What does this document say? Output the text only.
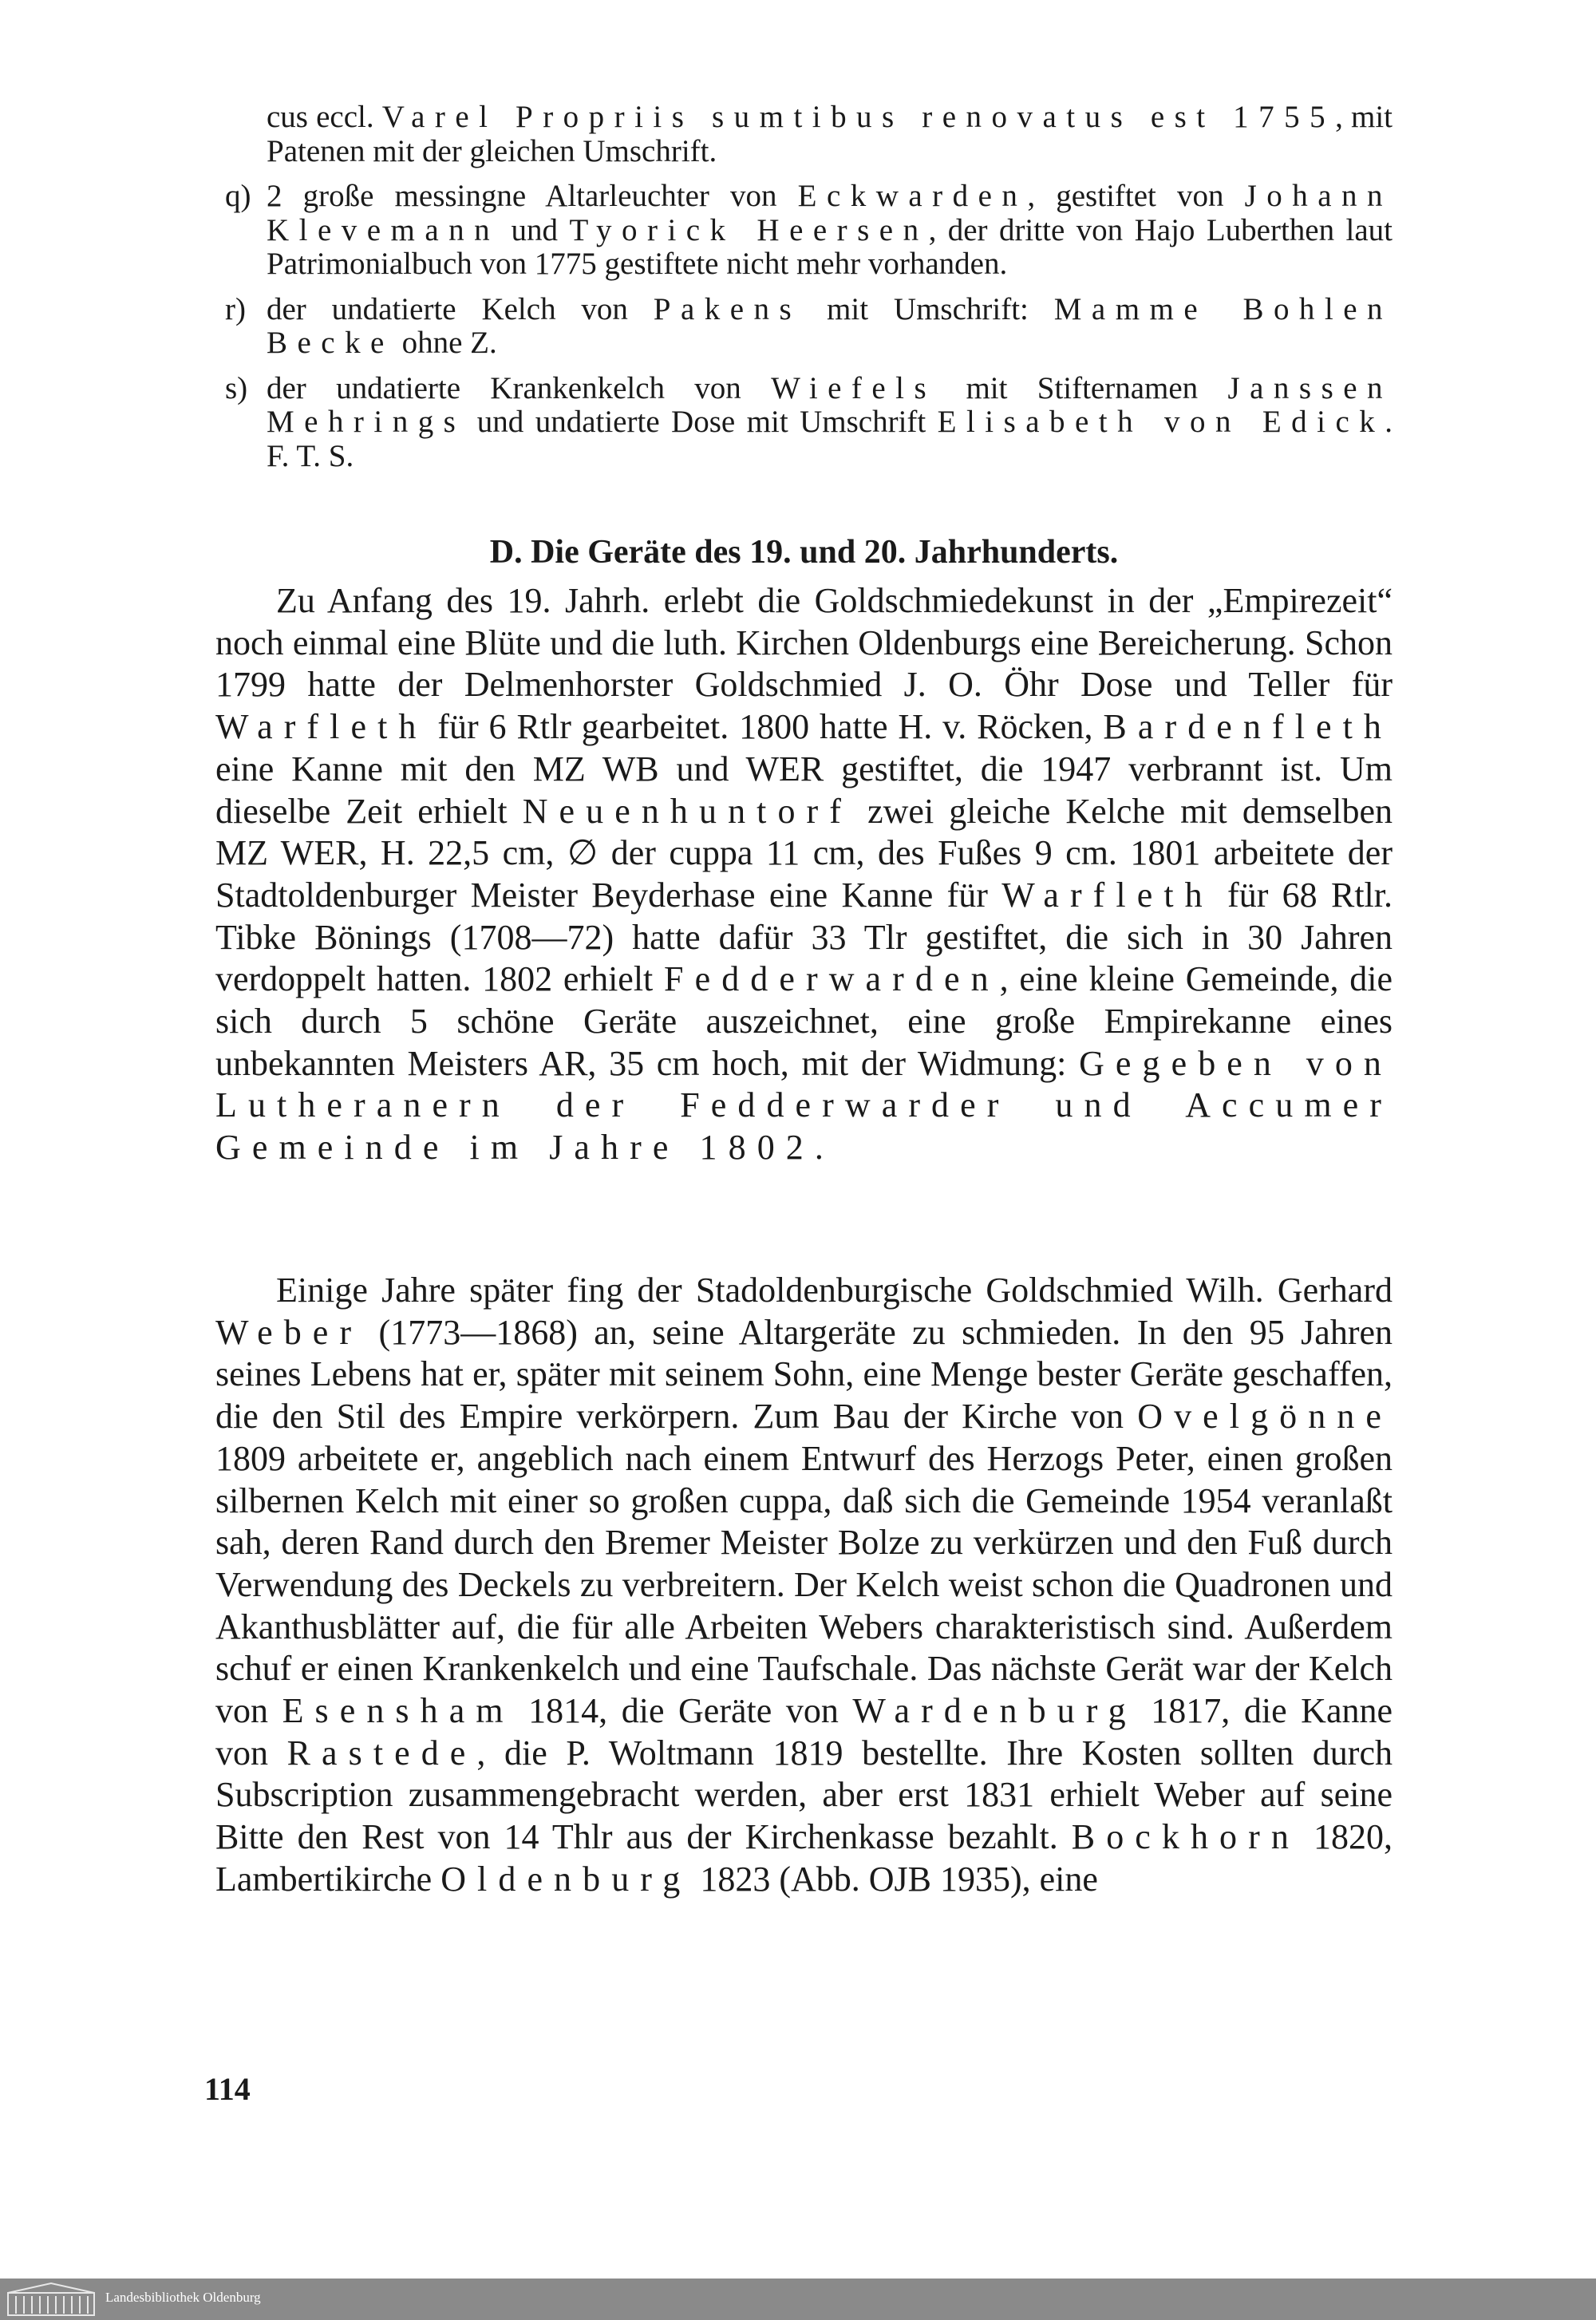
cus eccl. Varel Propriis sumtibus renovatus est 1755, mit Patenen mit der gleichen Umschrift.
q) 2 große messingne Altarleuchter von Eckwarden, gestiftet von Johann Klevemann und Tyorick Heersen, der dritte von Hajo Luberthen laut Patrimonialbuch von 1775 gestiftete nicht mehr vorhanden.
r) der undatierte Kelch von Pakens mit Umschrift: Mamme Bohlen Becke ohne Z.
s) der undatierte Krankenkelch von Wiefels mit Stifternamen Janssen Mehrings und undatierte Dose mit Umschrift Elisabeth von Edick. F. T. S.
D. Die Geräte des 19. und 20. Jahrhunderts.

Zu Anfang des 19. Jahrh. erlebt die Goldschmiedekunst in der „Empirezeit“ noch einmal eine Blüte und die luth. Kirchen Oldenburgs eine Bereicherung. Schon 1799 hatte der Delmenhorster Goldschmied J. O. Öhr Dose und Teller für Warfleth für 6 Rtlr gearbeitet. 1800 hatte H. v. Röcken, Bardenfleth eine Kanne mit den MZ WB und WER gestiftet, die 1947 verbrannt ist. Um dieselbe Zeit erhielt Neuenhuntorf zwei gleiche Kelche mit demselben MZ WER, H. 22,5 cm, ∅ der cuppa 11 cm, des Fußes 9 cm. 1801 arbeitete der Stadtoldenburger Meister Beyderhase eine Kanne für Warfleth für 68 Rtlr. Tibke Bönings (1708—72) hatte dafür 33 Tlr gestiftet, die sich in 30 Jahren verdoppelt hatten. 1802 erhielt Fedderwarden, eine kleine Gemeinde, die sich durch 5 schöne Geräte auszeichnet, eine große Empirekanne eines unbekannten Meisters AR, 35 cm hoch, mit der Widmung: Gegeben von Lutheranern der Fedderwarder und Accumer Gemeinde im Jahre 1802.

Einige Jahre später fing der Stadoldenburgische Goldschmied Wilh. Gerhard Weber (1773—1868) an, seine Altargeräte zu schmieden. In den 95 Jahren seines Lebens hat er, später mit seinem Sohn, eine Menge bester Geräte geschaffen, die den Stil des Empire verkörpern. Zum Bau der Kirche von Ovelgönne 1809 arbeitete er, angeblich nach einem Entwurf des Herzogs Peter, einen großen silbernen Kelch mit einer so großen cuppa, daß sich die Gemeinde 1954 veranlaßt sah, deren Rand durch den Bremer Meister Bolze zu verkürzen und den Fuß durch Verwendung des Deckels zu verbreitern. Der Kelch weist schon die Quadronen und Akanthusblätter auf, die für alle Arbeiten Webers charakteristisch sind. Außerdem schuf er einen Krankenkelch und eine Taufschale. Das nächste Gerät war der Kelch von Esensham 1814, die Geräte von Wardenburg 1817, die Kanne von Rastede, die P. Woltmann 1819 bestellte. Ihre Kosten sollten durch Subscription zusammengebracht werden, aber erst 1831 erhielt Weber auf seine Bitte den Rest von 14 Thlr aus der Kirchenkasse bezahlt. Bockhorn 1820, Lambertikirche Oldenburg 1823 (Abb. OJB 1935), eine

114
Landesbibliothek Oldenburg
